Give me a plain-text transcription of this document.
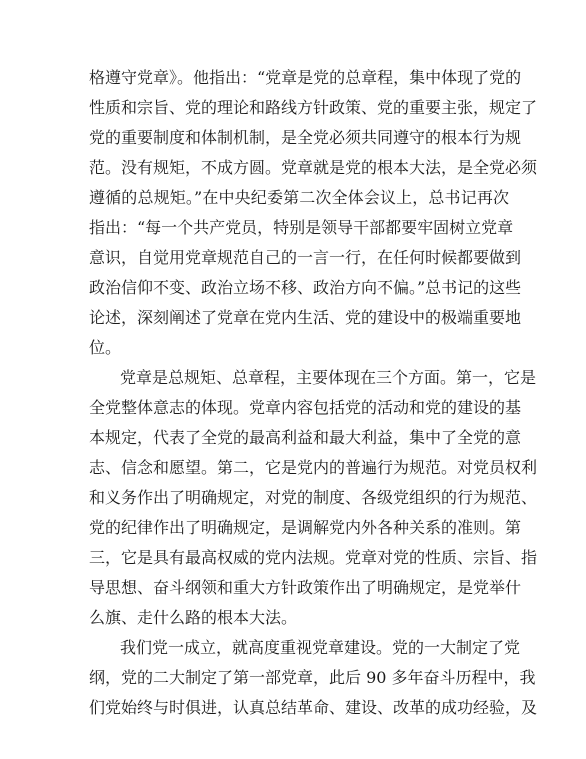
格遵守党章》。他指出：“党章是党的总章程，集中体现了党的
性质和宗旨、党的理论和路线方针政策、党的重要主张，规定了
党的重要制度和体制机制，是全党必须共同遵守的根本行为规
范。没有规矩，不成方圆。党章就是党的根本大法，是全党必须
遵循的总规矩。”在中央纪委第二次全体会议上，总书记再次
指出：“每一个共产党员，特别是领导干部都要牢固树立党章
意识，自觉用党章规范自己的一言一行，在任何时候都要做到
政治信仰不变、政治立场不移、政治方向不偏。”总书记的这些
论述，深刻阐述了党章在党内生活、党的建设中的极端重要地
位。
党章是总规矩、总章程，主要体现在三个方面。第一，它是
全党整体意志的体现。党章内容包括党的活动和党的建设的基
本规定，代表了全党的最高利益和最大利益，集中了全党的意
志、信念和愿望。第二，它是党内的普遍行为规范。对党员权利
和义务作出了明确规定，对党的制度、各级党组织的行为规范、
党的纪律作出了明确规定，是调解党内外各种关系的准则。第
三，它是具有最高权威的党内法规。党章对党的性质、宗旨、指
导思想、奋斗纲领和重大方针政策作出了明确规定，是党举什
么旗、走什么路的根本大法。
我们党一成立，就高度重视党章建设。党的一大制定了党
纲，党的二大制定了第一部党章，此后 90 多年奋斗历程中，我
们党始终与时俱进，认真总结革命、建设、改革的成功经验，及
